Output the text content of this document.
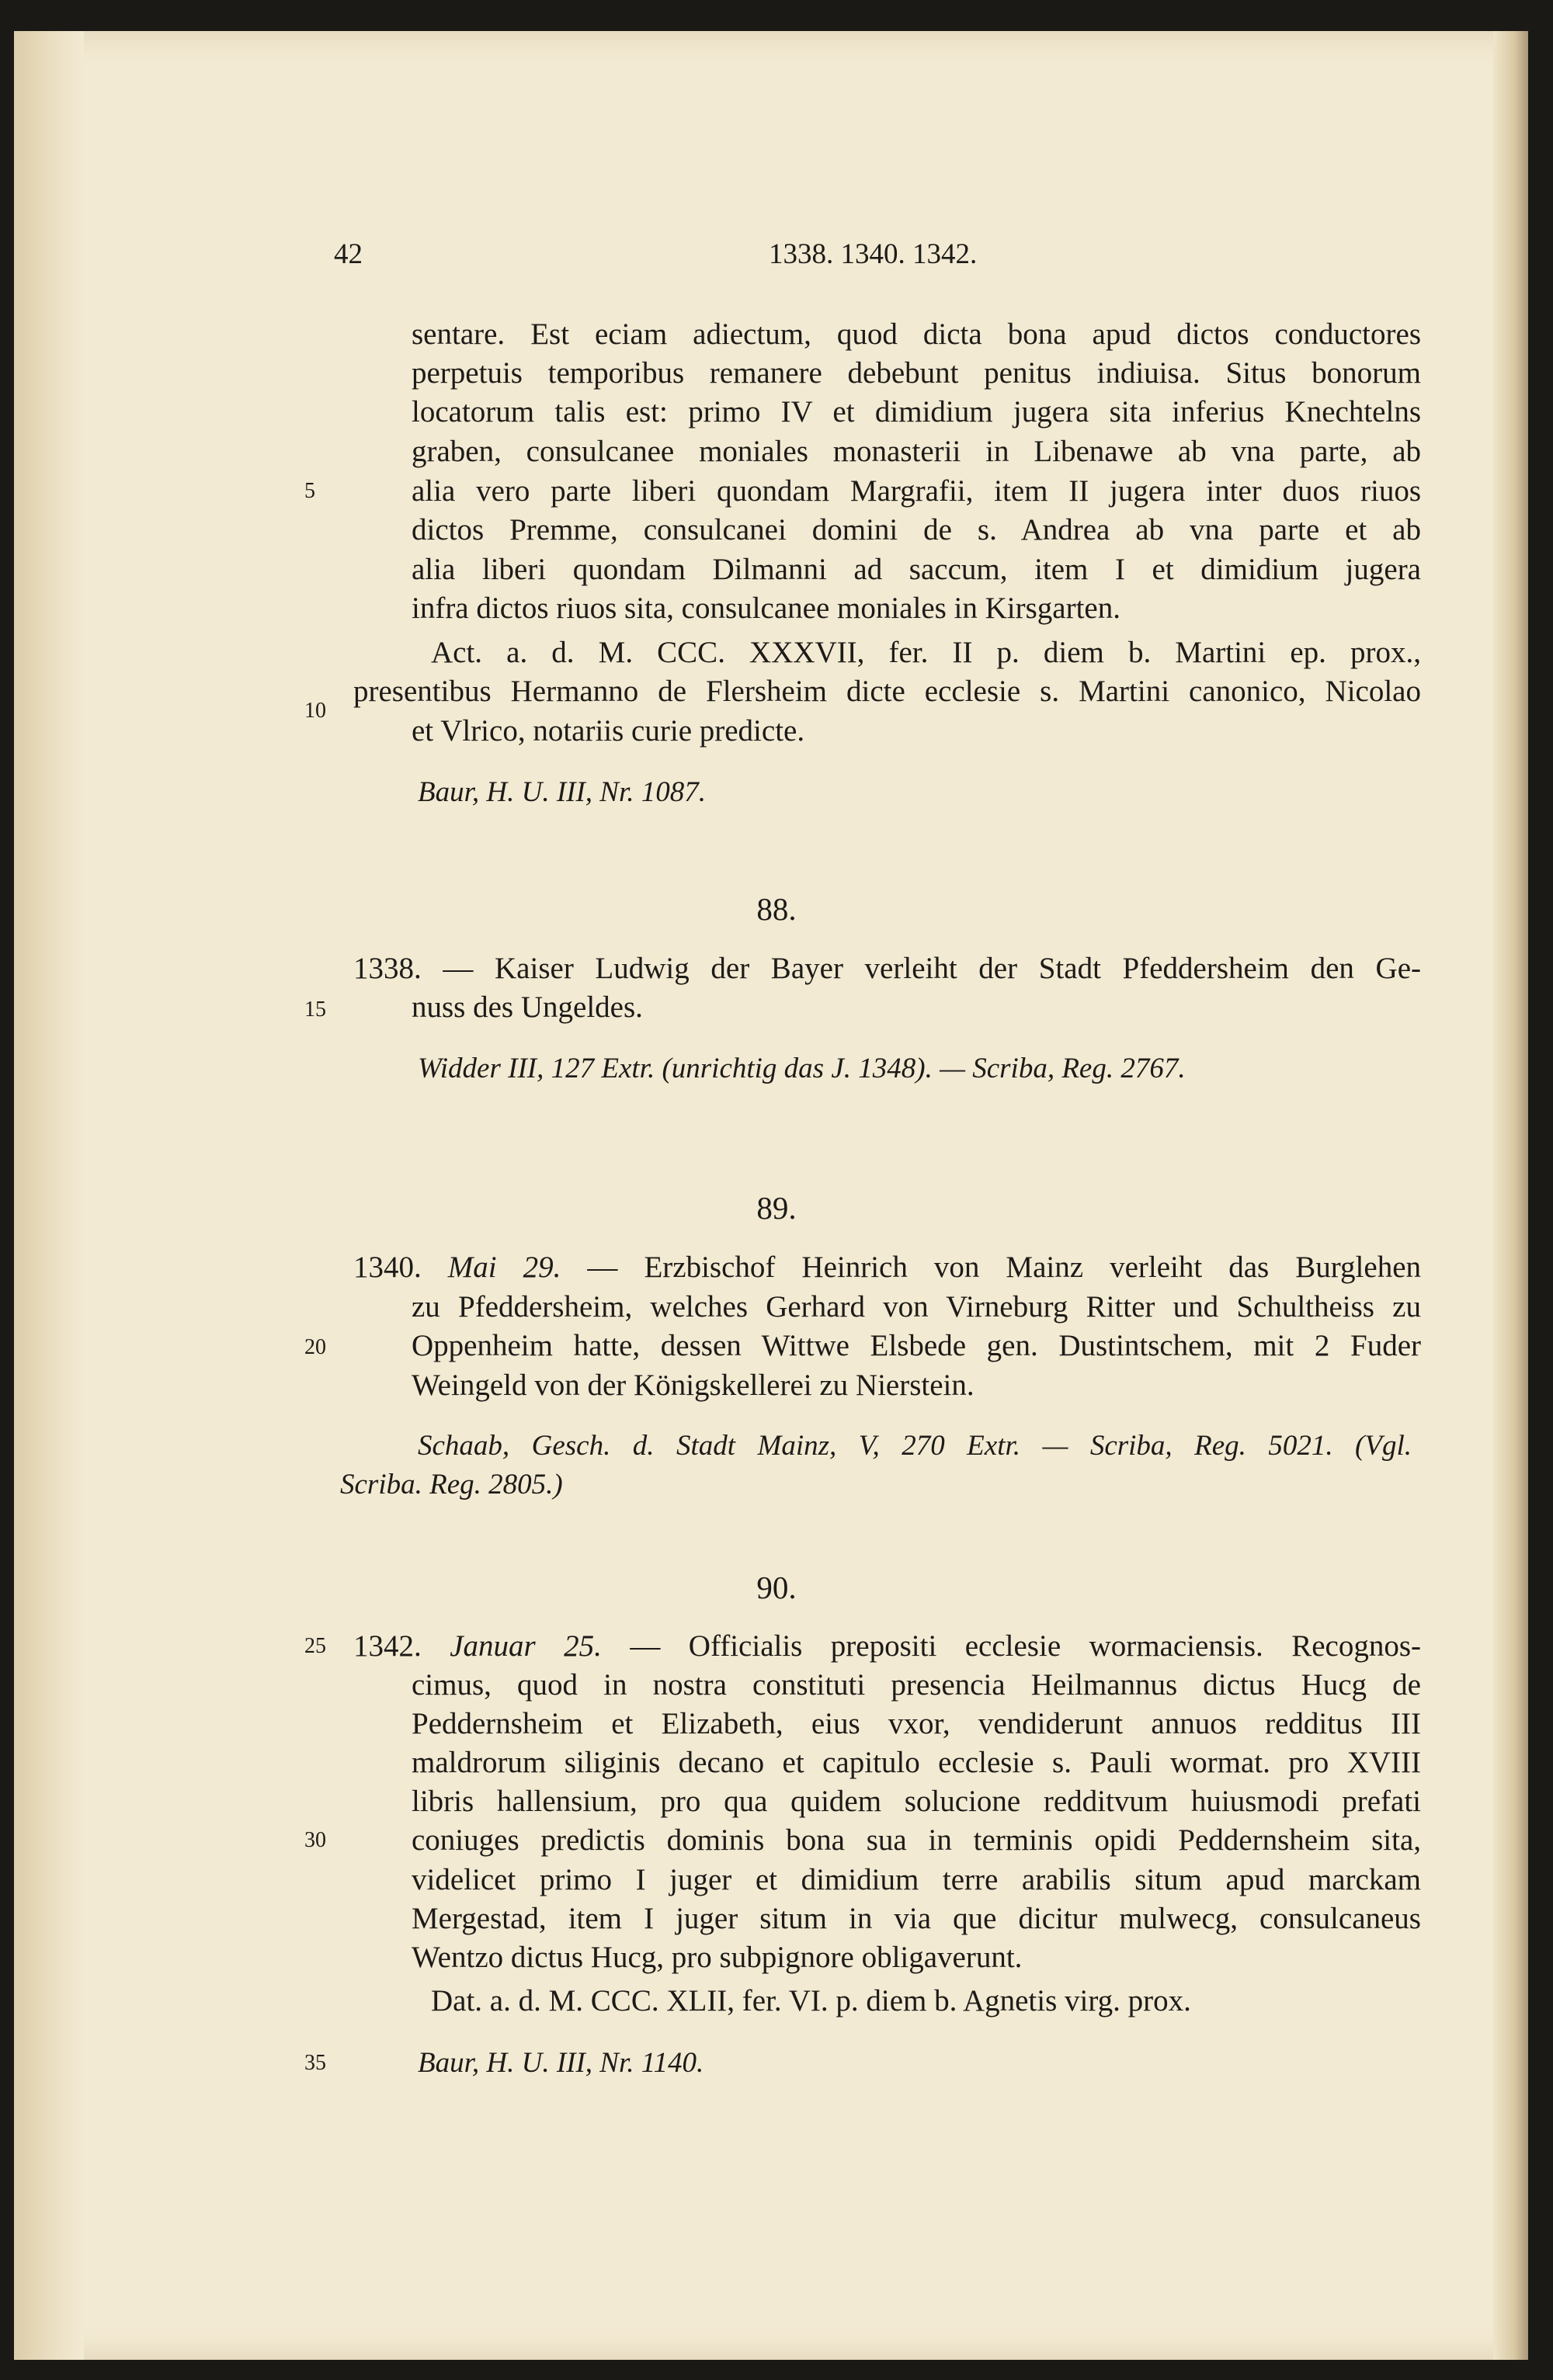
42	1338. 1340. 1342.
5
10
15
20
25
30
35
sentare. Est eciam adiectum, quod dicta bona apud dictos conductores
perpetuis temporibus remanere debebunt penitus indiuisa. Situs bonorum
locatorum talis est: primo IV et dimidium jugera sita inferius Knechtelns
graben, consulcanee moniales monasterii in Libenawe ab vna parte, ab
alia vero parte liberi quondam Margrafii, item II jugera inter duos riuos
dictos Premme, consulcanei domini de s. Andrea ab vna parte et ab
alia liberi quondam Dilmanni ad saccum, item I et dimidium jugera
infra dictos riuos sita, consulcanee moniales in Kirsgarten.
Act. a. d. M. CCC. XXXVII, fer. II p. diem b. Martini ep. prox.,
presentibus Hermanno de Flersheim dicte ecclesie s. Martini canonico, Nicolao
et Vlrico, notariis curie predicte.
Baur, H. U. III, Nr. 1087.
88.
1338. — Kaiser Ludwig der Bayer verleiht der Stadt Pfeddersheim den Ge-
nuss des Ungeldes.
Widder III, 127 Extr. (unrichtig das J. 1348). — Scriba, Reg. 2767.
89.
1340. Mai 29. — Erzbischof Heinrich von Mainz verleiht das Burglehen
zu Pfeddersheim, welches Gerhard von Virneburg Ritter und Schultheiss zu
Oppenheim hatte, dessen Wittwe Elsbede gen. Dustintschem, mit 2 Fuder
Weingeld von der Königskellerei zu Nierstein.
Schaab, Gesch. d. Stadt Mainz, V, 270 Extr. — Scriba, Reg. 5021. (Vgl.
Scriba. Reg. 2805.)
90.
1342. Januar 25. — Officialis prepositi ecclesie wormaciensis. Recognos-
cimus, quod in nostra constituti presencia Heilmannus dictus Hucg de
Peddernsheim et Elizabeth, eius vxor, vendiderunt annuos redditus III
maldrorum siliginis decano et capitulo ecclesie s. Pauli wormat. pro XVIII
libris hallensium, pro qua quidem solucione redditvum huiusmodi prefati
coniuges predictis dominis bona sua in terminis opidi Peddernsheim sita,
videlicet primo I juger et dimidium terre arabilis situm apud marckam
Mergestad, item I juger situm in via que dicitur mulwecg, consulcaneus
Wentzo dictus Hucg, pro subpignore obligaverunt.
Dat. a. d. M. CCC. XLII, fer. VI. p. diem b. Agnetis virg. prox.
Baur, H. U. III, Nr. 1140.
